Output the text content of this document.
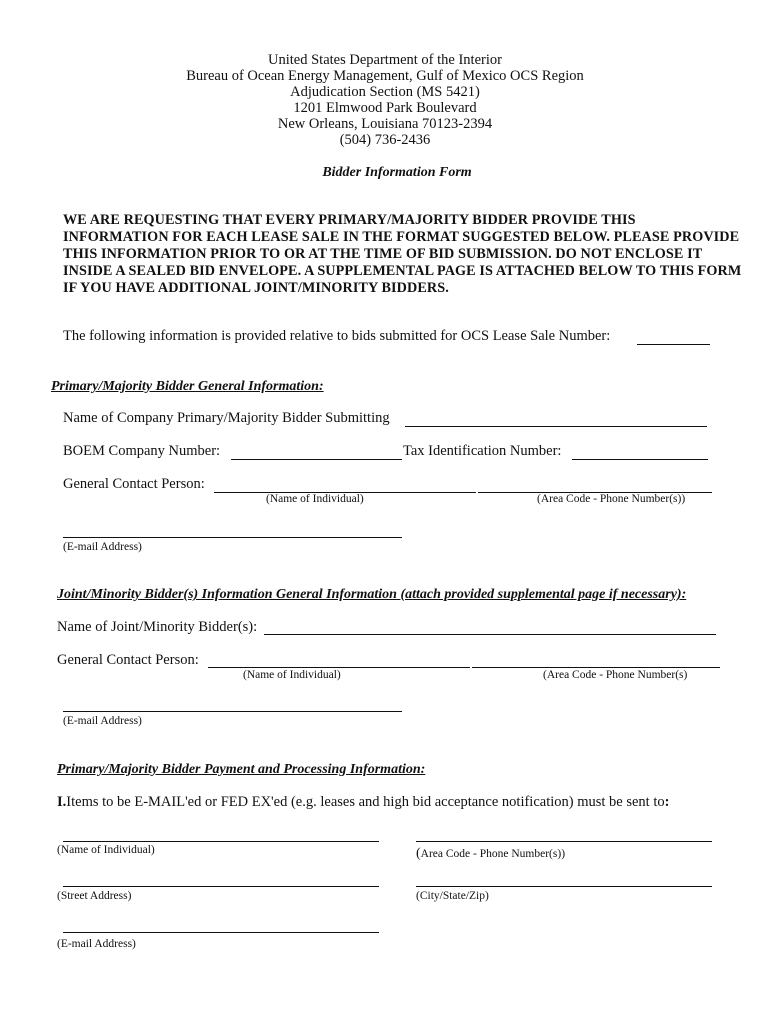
United States Department of the Interior
Bureau of Ocean Energy Management, Gulf of Mexico OCS Region
Adjudication Section (MS 5421)
1201 Elmwood Park Boulevard
New Orleans, Louisiana 70123-2394
(504) 736-2436
Bidder Information Form
WE ARE REQUESTING THAT EVERY PRIMARY/MAJORITY BIDDER PROVIDE THIS INFORMATION FOR EACH LEASE SALE IN THE FORMAT SUGGESTED BELOW. PLEASE PROVIDE THIS INFORMATION PRIOR TO OR AT THE TIME OF BID SUBMISSION. DO NOT ENCLOSE IT INSIDE A SEALED BID ENVELOPE. A SUPPLEMENTAL PAGE IS ATTACHED BELOW TO THIS FORM IF YOU HAVE ADDITIONAL JOINT/MINORITY BIDDERS.
The following information is provided relative to bids submitted for OCS Lease Sale Number:
Primary/Majority Bidder General Information:
Name of Company Primary/Majority Bidder Submitting
BOEM Company Number:	Tax Identification Number:
General Contact Person:
(Name of Individual)	(Area Code - Phone Number(s))
(E-mail Address)
Joint/Minority Bidder(s) Information General Information (attach provided supplemental page if necessary):
Name of Joint/Minority Bidder(s):
General Contact Person:
(Name of Individual)	(Area Code - Phone Number(s)
(E-mail Address)
Primary/Majority Bidder Payment and Processing Information:
I.Items to be E-MAIL'ed or FED EX'ed (e.g. leases and high bid acceptance notification) must be sent to:
(Name of Individual)	(Area Code - Phone Number(s))
(Street Address)	(City/State/Zip)
(E-mail Address)
